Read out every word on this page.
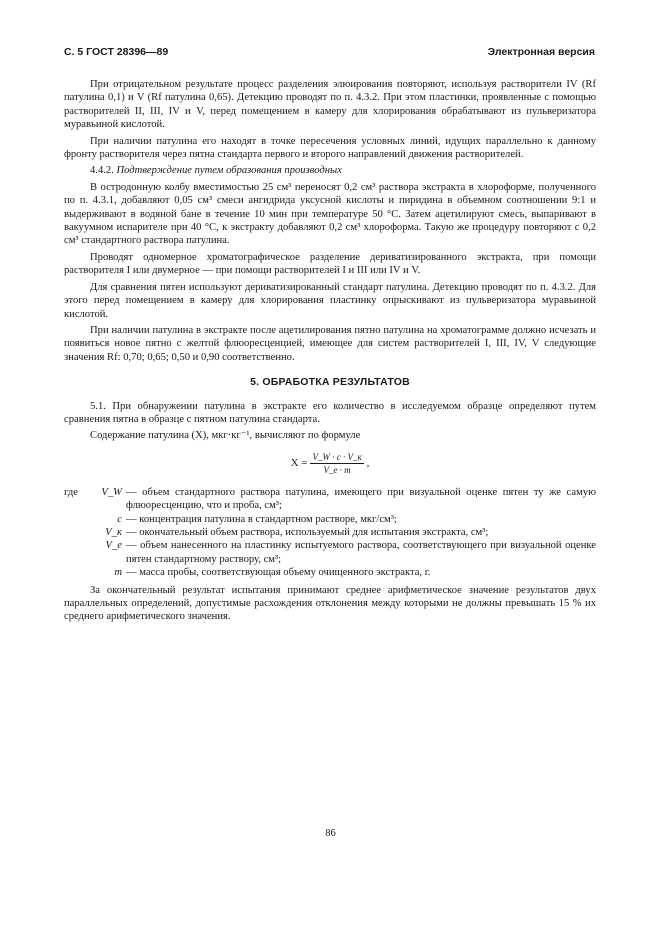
С. 5 ГОСТ 28396—89	Электронная версия

При отрицательном результате процесс разделения элюирования повторяют, используя растворители IV (Rf патулина 0,1) и V (Rf патулина 0,65). Детекцию проводят по п. 4.3.2. При этом пластинки, проявленные с помощью растворителей II, III, IV и V, перед помещением в камеру для хлорирования обрабатывают из пульверизатора муравьиной кислотой.

При наличии патулина его находят в точке пересечения условных линий, идущих параллельно к данному фронту растворителя через пятна стандарта первого и второго направлений движения растворителей.

4.4.2. Подтверждение путем образования производных

В остродонную колбу вместимостью 25 см³ переносят 0,2 см³ раствора экстракта в хлороформе, полученного по п. 4.3.1, добавляют 0,05 см³ смеси ангидрида уксусной кислоты и пиридина в объемном соотношении 9:1 и выдерживают в водяной бане в течение 10 мин при температуре 50 °С. Затем ацетилируют смесь, выпаривают в вакуумном испарителе при 40 °С, к экстракту добавляют 0,2 см³ хлороформа. Такую же процедуру повторяют с 0,2 см³ стандартного раствора патулина.

Проводят одномерное хроматографическое разделение дериватизированного экстракта, при помощи растворителя I или двумерное — при помощи растворителей I и III или IV и V.

Для сравнения пятен используют дериватизированный стандарт патулина. Детекцию проводят по п. 4.3.2. Для этого перед помещением в камеру для хлорирования пластинку опрыскивают из пульверизатора муравьиной кислотой.

При наличии патулина в экстракте после ацетилирования пятно патулина на хроматограмме должно исчезать и появиться новое пятно с желтой флюоресценцией, имеющее для систем растворителей I, III, IV, V следующие значения Rf: 0,70; 0,65; 0,50 и 0,90 соответственно.

5. ОБРАБОТКА РЕЗУЛЬТАТОВ

5.1. При обнаружении патулина в экстракте его количество в исследуемом образце определяют путем сравнения пятна в образце с пятном патулина стандарта.

Содержание патулина (X), мкг·кг⁻¹, вычисляют по формуле

$X = \frac{V\_W \cdot c \cdot V\_к}{V\_е \cdot m}$ ,
где	V_W — объем стандартного раствора патулина, имеющего при визуальной оценке пятен ту же самую флюоресценцию, что и проба, см³;
c — концентрация патулина в стандартном растворе, мкг/см³;
V_к — окончательный объем раствора, используемый для испытания экстракта, см³;
V_е — объем нанесенного на пластинку испытуемого раствора, соответствующего при визуальной оценке пятен стандартному раствору, см³;
m — масса пробы, соответствующая объему очищенного экстракта, г.

За окончательный результат испытания принимают среднее арифметическое значение результатов двух параллельных определений, допустимые расхождения отклонения между которыми не должны превышать 15 % их среднего арифметического значения.

86
